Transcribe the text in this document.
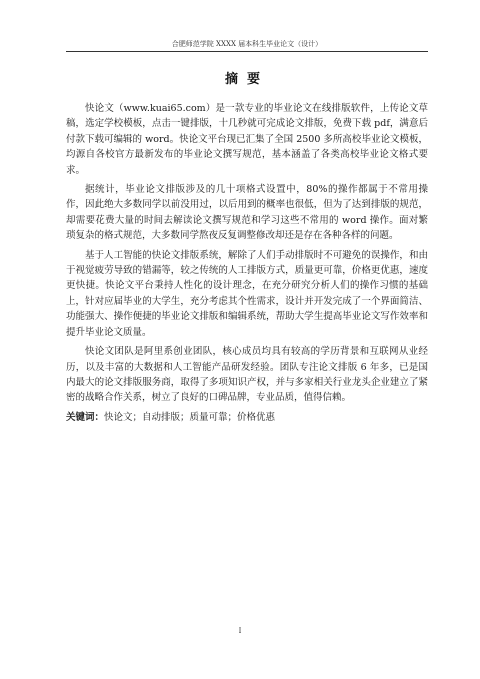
合肥师范学院 XXXX 届本科生毕业论文（设计）
摘要

快论文（www.kuai65.com）是一款专业的毕业论文在线排版软件，上传论文草稿，选定学校模板，点击一键排版，十几秒就可完成论文排版，免费下载 pdf，满意后付款下载可编辑的 word。快论文平台现已汇集了全国 2500 多所高校毕业论文模板，均源自各校官方最新发布的毕业论文撰写规范，基本涵盖了各类高校毕业论文格式要求。

据统计，毕业论文排版涉及的几十项格式设置中，80%的操作都属于不常用操作，因此绝大多数同学以前没用过，以后用到的概率也很低，但为了达到排版的规范，却需要花费大量的时间去解读论文撰写规范和学习这些不常用的 word 操作。面对繁琐复杂的格式规范，大多数同学熬夜反复调整修改却还是存在各种各样的问题。

基于人工智能的快论文排版系统，解除了人们手动排版时不可避免的误操作，和由于视觉疲劳导致的错漏等，较之传统的人工排版方式，质量更可靠，价格更优惠，速度更快捷。快论文平台秉持人性化的设计理念，在充分研究分析人们的操作习惯的基础上，针对应届毕业的大学生，充分考虑其个性需求，设计并开发完成了一个界面简洁、功能强大、操作便捷的毕业论文排版和编辑系统，帮助大学生提高毕业论文写作效率和提升毕业论文质量。

快论文团队是阿里系创业团队，核心成员均具有较高的学历背景和互联网从业经历，以及丰富的大数据和人工智能产品研发经验。团队专注论文排版 6 年多，已是国内最大的论文排版服务商，取得了多项知识产权，并与多家相关行业龙头企业建立了紧密的战略合作关系，树立了良好的口碑品牌，专业品质，值得信赖。

关键词：快论文；自动排版；质量可靠；价格优惠

I
